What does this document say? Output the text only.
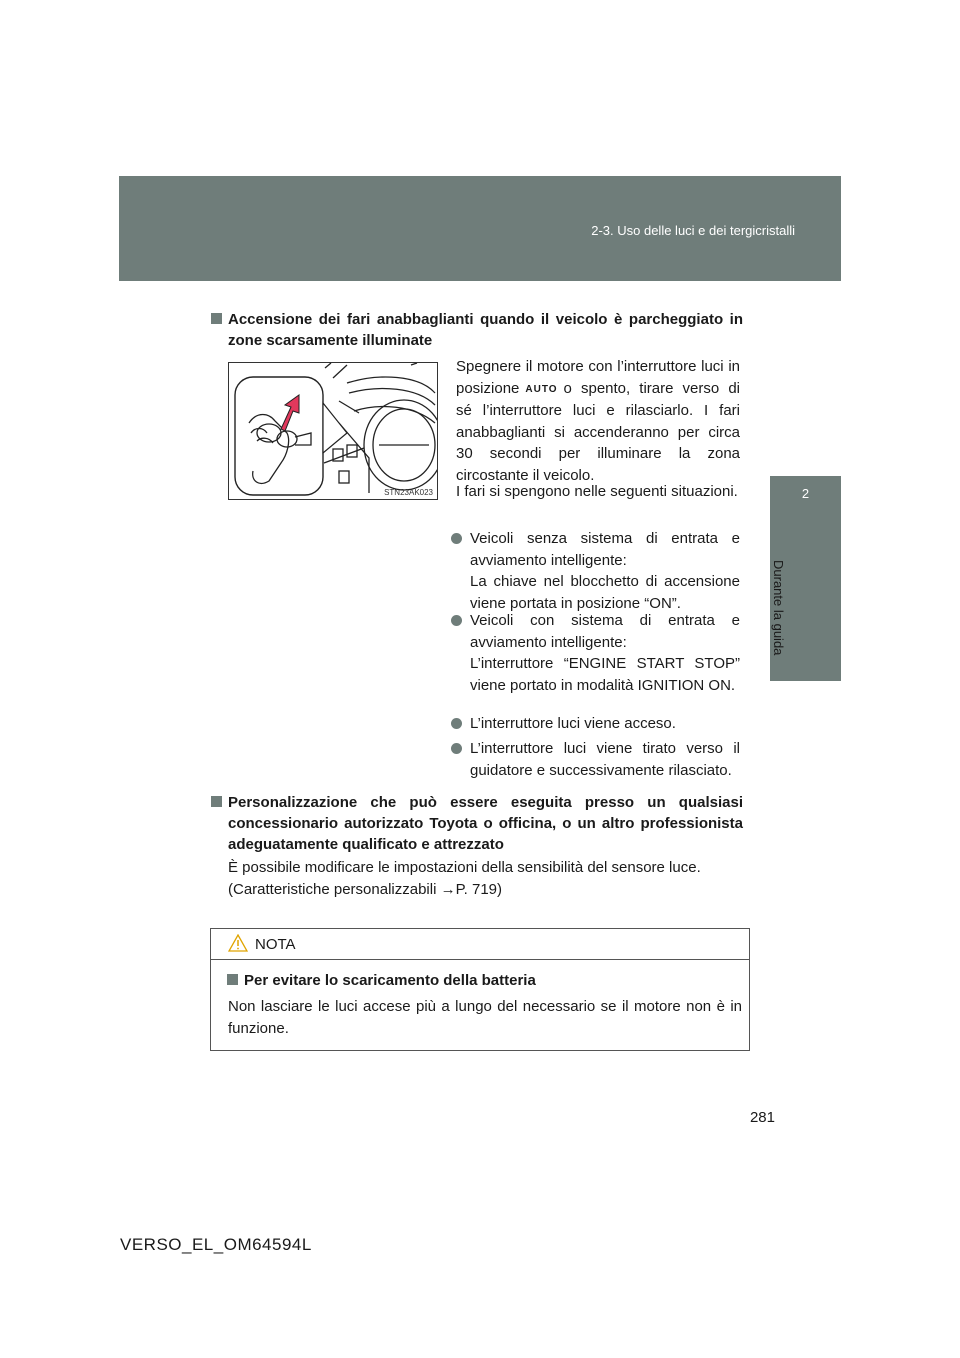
2-3. Uso delle luci e dei tergicristalli
2
Durante la guida
Accensione dei fari anabbaglianti quando il veicolo è parcheggiato in zone scarsamente illuminate
STN23AK023
Spegnere il motore con l’interruttore luci in posizione AUTO o spento, tirare verso di sé l’interruttore luci e rilasciarlo. I fari anabbaglianti si accenderanno per circa 30 secondi per illuminare la zona circostante il veicolo.
I fari si spengono nelle seguenti situazioni.
Veicoli senza sistema di entrata e avviamento intelligente:
La chiave nel blocchetto di accensione viene portata in posizione “ON”.
Veicoli con sistema di entrata e avviamento intelligente:
L’interruttore “ENGINE START STOP” viene portato in modalità IGNITION ON.
L’interruttore luci viene acceso.
L’interruttore luci viene tirato verso il guidatore e successivamente rilasciato.
Personalizzazione che può essere eseguita presso un qualsiasi concessionario autorizzato Toyota o officina, o un altro professionista adeguatamente qualificato e attrezzato
È possibile modificare le impostazioni della sensibilità del sensore luce.
(Caratteristiche personalizzabili →P. 719)
NOTA
Per evitare lo scaricamento della batteria
Non lasciare le luci accese più a lungo del necessario se il motore non è in funzione.
281
VERSO_EL_OM64594L
